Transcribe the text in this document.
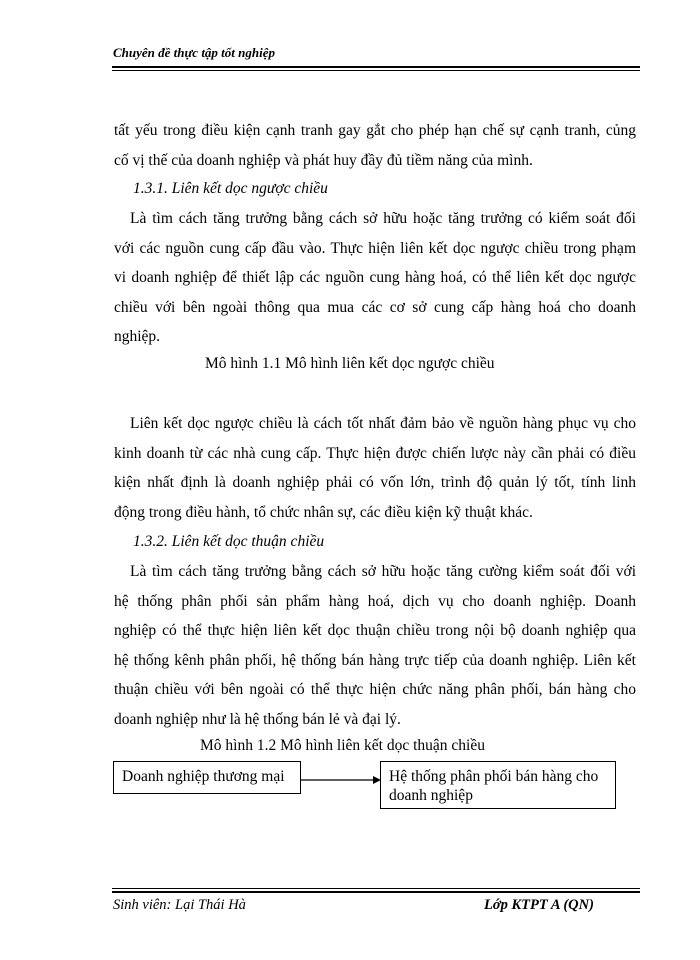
Chuyên đề thực tập tốt nghiệp
tất yếu trong điều kiện cạnh tranh gay gắt cho phép hạn chế sự cạnh tranh, củng
cố vị thế của doanh nghiệp và phát huy đầy đủ tiềm năng của mình.
1.3.1. Liên kết dọc ngược chiều
Là tìm cách tăng trưởng bằng cách sở hữu hoặc tăng trưởng có kiểm soát đối
với các nguồn cung cấp đầu vào. Thực hiện liên kết dọc ngược chiều trong phạm
vi doanh nghiệp để thiết lập các nguồn cung hàng hoá, có thể liên kết dọc ngược
chiều với bên ngoài thông qua mua các cơ sở cung cấp hàng hoá cho doanh
nghiệp.
Mô hình 1.1 Mô hình liên kết dọc ngược chiều
Liên kết dọc ngược chiều là cách tốt nhất đảm bảo về nguồn hàng phục vụ cho
kinh doanh từ các nhà cung cấp. Thực hiện được chiến lược này cần phải có điều
kiện nhất định là doanh nghiệp phải có vốn lớn, trình độ quản lý tốt, tính linh
động trong điều hành, tổ chức nhân sự, các điều kiện kỹ thuật khác.
1.3.2. Liên kết dọc thuận chiều
Là tìm cách tăng trưởng bằng cách sở hữu hoặc tăng cường kiểm soát đối với
hệ thống phân phối sản phẩm hàng hoá, dịch vụ cho doanh nghiệp. Doanh
nghiệp có thể thực hiện liên kết dọc thuận chiều trong nội bộ doanh nghiệp qua
hệ thống kênh phân phối, hệ thống bán hàng trực tiếp của doanh nghiệp. Liên kết
thuận chiều với bên ngoài có thể thực hiện chức năng phân phối, bán hàng cho
doanh nghiệp như là hệ thống bán lẻ và đại lý.
Mô hình 1.2 Mô hình liên kết dọc thuận chiều
Doanh nghiệp thương mại	Hệ thống phân phối bán hàng cho doanh nghiệp
Sinh viên: Lại Thái Hà	Lớp KTPT A (QN)
